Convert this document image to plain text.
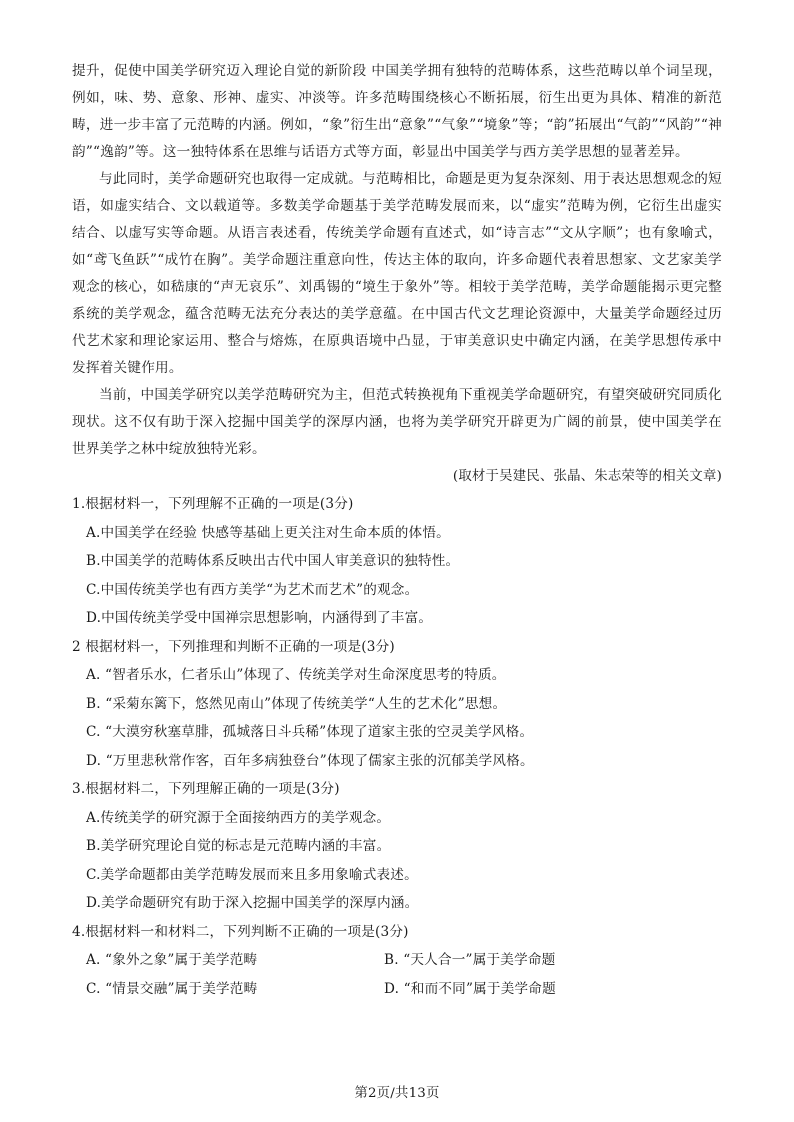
提升，促使中国美学研究迈入理论自觉的新阶段 中国美学拥有独特的范畴体系，这些范畴以单个词呈现，例如，味、势、意象、形神、虚实、冲淡等。许多范畴围绕核心不断拓展，衍生出更为具体、精准的新范畴，进一步丰富了元范畴的内涵。例如，“象”衍生出“意象”“气象”“境象”等；“韵”拓展出“气韵”“风韵”“神韵”“逸韵”等。这一独特体系在思维与话语方式等方面，彰显出中国美学与西方美学思想的显著差异。

与此同时，美学命题研究也取得一定成就。与范畴相比，命题是更为复杂深刻、用于表达思想观念的短语，如虚实结合、文以载道等。多数美学命题基于美学范畴发展而来，以“虚实”范畴为例，它衍生出虚实结合、以虚写实等命题。从语言表述看，传统美学命题有直述式，如“诗言志”“文从字顺”；也有象喻式，如“鸢飞鱼跃”“成竹在胸”。美学命题注重意向性，传达主体的取向，许多命题代表着思想家、文艺家美学观念的核心，如嵇康的“声无哀乐”、刘禹锡的“境生于象外”等。相较于美学范畴，美学命题能揭示更完整系统的美学观念，蕴含范畴无法充分表达的美学意蕴。在中国古代文艺理论资源中，大量美学命题经过历代艺术家和理论家运用、整合与熔炼，在原典语境中凸显，于审美意识史中确定内涵，在美学思想传承中发挥着关键作用。

当前，中国美学研究以美学范畴研究为主，但范式转换视角下重视美学命题研究，有望突破研究同质化现状。这不仅有助于深入挖掘中国美学的深厚内涵，也将为美学研究开辟更为广阔的前景，使中国美学在世界美学之林中绽放独特光彩。

(取材于吴建民、张晶、朱志荣等的相关文章)

1.根据材料一，下列理解不正确的一项是(3分)
A.中国美学在经验 快感等基础上更关注对生命本质的体悟。
B.中国美学的范畴体系反映出古代中国人审美意识的独特性。
C.中国传统美学也有西方美学“为艺术而艺术”的观念。
D.中国传统美学受中国禅宗思想影响，内涵得到了丰富。
2 根据材料一，下列推理和判断不正确的一项是(3分)
A. “智者乐水，仁者乐山”体现了、传统美学对生命深度思考的特质。
B. “采菊东篱下，悠然见南山”体现了传统美学“人生的艺术化”思想。
C. “大漠穷秋塞草腓，孤城落日斗兵稀”体现了道家主张的空灵美学风格。
D. “万里悲秋常作客，百年多病独登台”体现了儒家主张的沉郁美学风格。
3.根据材料二，下列理解正确的一项是(3分)
A.传统美学的研究源于全面接纳西方的美学观念。
B.美学研究理论自觉的标志是元范畴内涵的丰富。
C.美学命题都由美学范畴发展而来且多用象喻式表述。
D.美学命题研究有助于深入挖掘中国美学的深厚内涵。
4.根据材料一和材料二，下列判断不正确的一项是(3分)
A. “象外之象”属于美学范畴	B. “天人合一”属于美学命题
C. “情景交融”属于美学范畴	D. “和而不同”属于美学命题
第2页/共13页
